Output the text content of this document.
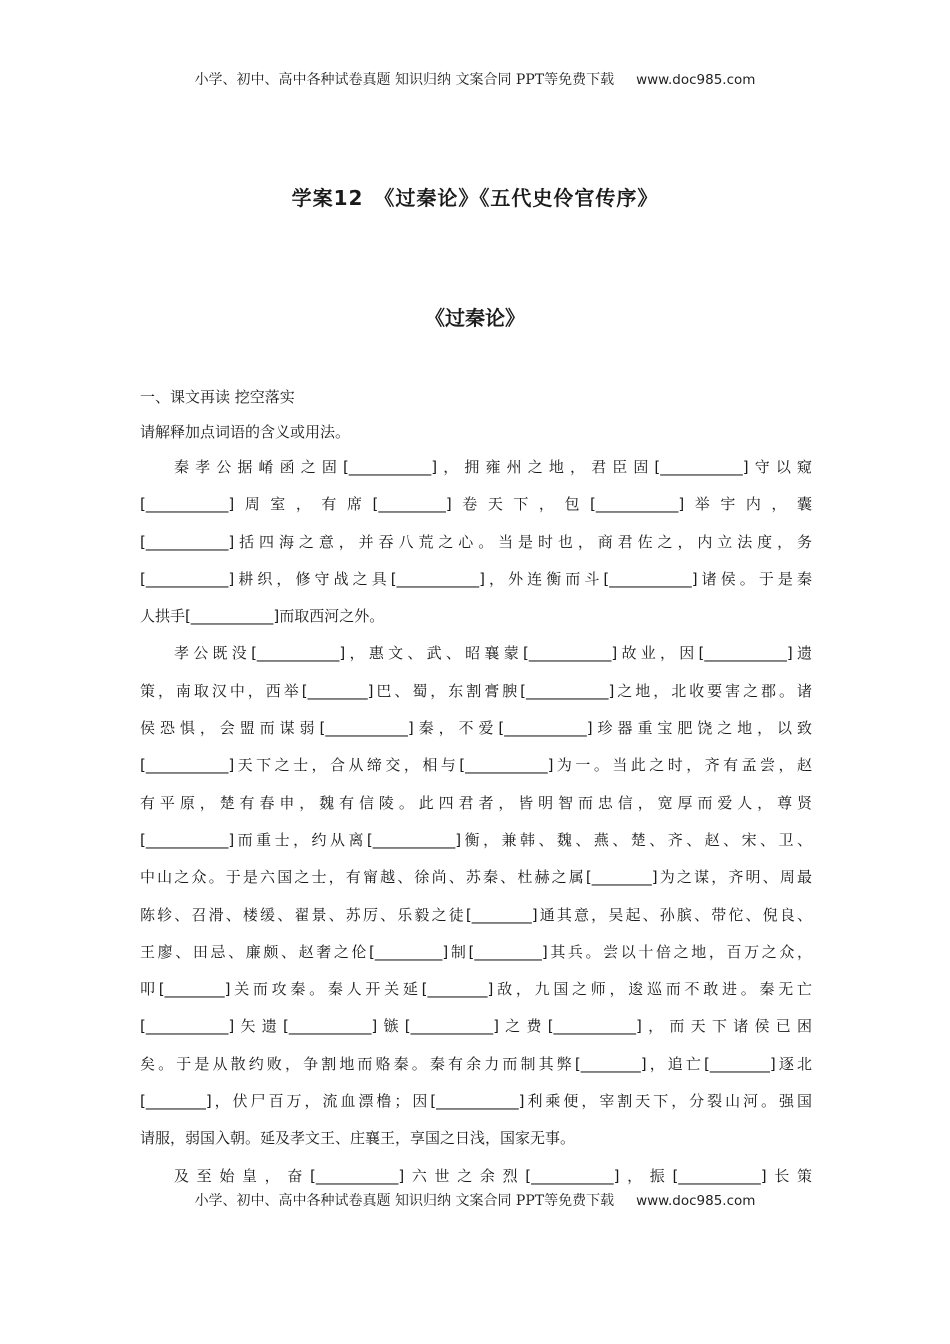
小学、初中、高中各种试卷真题 知识归纳 文案合同 PPT等免费下载 www.doc985.com
学案12　《过秦论》《五代史伶官传序》
《过秦论》
一、课文再读 挖空落实
请解释加点词语的含义或用法。
秦孝公据崤函之固[___________]，拥雍州之地，君臣固[___________]守以窥
[___________]周室，有席[_________]卷天下，包[___________]举宇内，囊
[___________]括四海之意，并吞八荒之心。当是时也，商君佐之，内立法度，务
[___________]耕织，修守战之具[___________]，外连衡而斗[___________]诸侯。于是秦
人拱手[___________]而取西河之外。
孝公既没[___________]，惠文、武、昭襄蒙[___________]故业，因[___________]遗
策，南取汉中，西举[________]巴、蜀，东割膏腴[___________]之地，北收要害之郡。诸
侯恐惧，会盟而谋弱[___________]秦，不爱[___________]珍器重宝肥饶之地，以致
[___________]天下之士，合从缔交，相与[___________]为一。当此之时，齐有孟尝，赵
有平原，楚有春申，魏有信陵。此四君者，皆明智而忠信，宽厚而爱人，尊贤
[___________]而重士，约从离[___________]衡，兼韩、魏、燕、楚、齐、赵、宋、卫、
中山之众。于是六国之士，有甯越、徐尚、苏秦、杜赫之属[________]为之谋，齐明、周最
陈轸、召滑、楼缓、翟景、苏厉、乐毅之徒[________]通其意，吴起、孙膑、带佗、倪良、
王廖、田忌、廉颇、赵奢之伦[_________]制[_________]其兵。尝以十倍之地，百万之众，
叩[________]关而攻秦。秦人开关延[________]敌，九国之师，逡巡而不敢进。秦无亡
[___________]矢遗[___________]镞[___________]之费[___________]，而天下诸侯已困
矣。于是从散约败，争割地而赂秦。秦有余力而制其弊[________]，追亡[________]逐北
[________]，伏尸百万，流血漂橹；因[___________]利乘便，宰割天下，分裂山河。强国
请服，弱国入朝。延及孝文王、庄襄王，享国之日浅，国家无事。
及至始皇，奋[___________]六世之余烈[___________]，振[___________]长策
小学、初中、高中各种试卷真题 知识归纳 文案合同 PPT等免费下载 www.doc985.com
